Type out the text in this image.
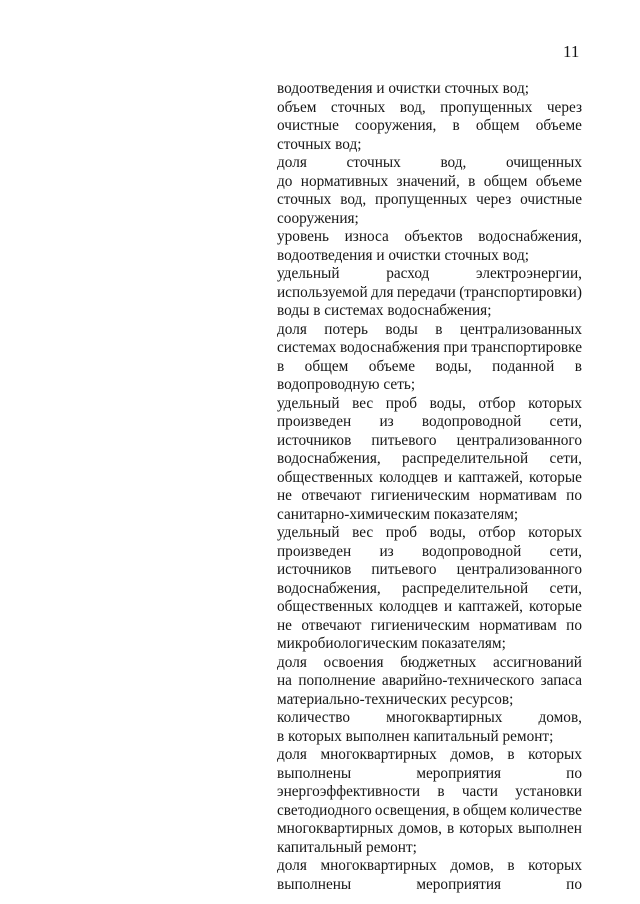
11
водоотведения и очистки сточных вод;
объем сточных вод, пропущенных через
очистные сооружения, в общем объеме
сточных вод;
доля	сточных	вод,	очищенных
до нормативных значений, в общем объеме
сточных вод, пропущенных через очистные
сооружения;
уровень износа объектов водоснабжения,
водоотведения и очистки сточных вод;
удельный	расход	электроэнергии,
используемой для передачи (транспортировки)
воды в системах водоснабжения;
доля потерь воды в централизованных
системах водоснабжения при транспортировке
в общем объеме воды, поданной в
водопроводную сеть;
удельный вес проб воды, отбор которых
произведен из водопроводной сети,
источников питьевого централизованного
водоснабжения, распределительной сети,
общественных колодцев и каптажей, которые
не отвечают гигиеническим нормативам по
санитарно-химическим показателям;
удельный вес проб воды, отбор которых
произведен из водопроводной сети,
источников питьевого централизованного
водоснабжения, распределительной сети,
общественных колодцев и каптажей, которые
не отвечают гигиеническим нормативам по
микробиологическим показателям;
доля освоения бюджетных ассигнований
на пополнение аварийно-технического запаса
материально-технических ресурсов;
количество многоквартирных домов,
в которых выполнен капитальный ремонт;
доля многоквартирных домов, в которых
выполнены	мероприятия	по
энергоэффективности в части установки
светодиодного освещения, в общем количестве
многоквартирных домов, в которых выполнен
капитальный ремонт;
доля многоквартирных домов, в которых
выполнены	мероприятия	по
